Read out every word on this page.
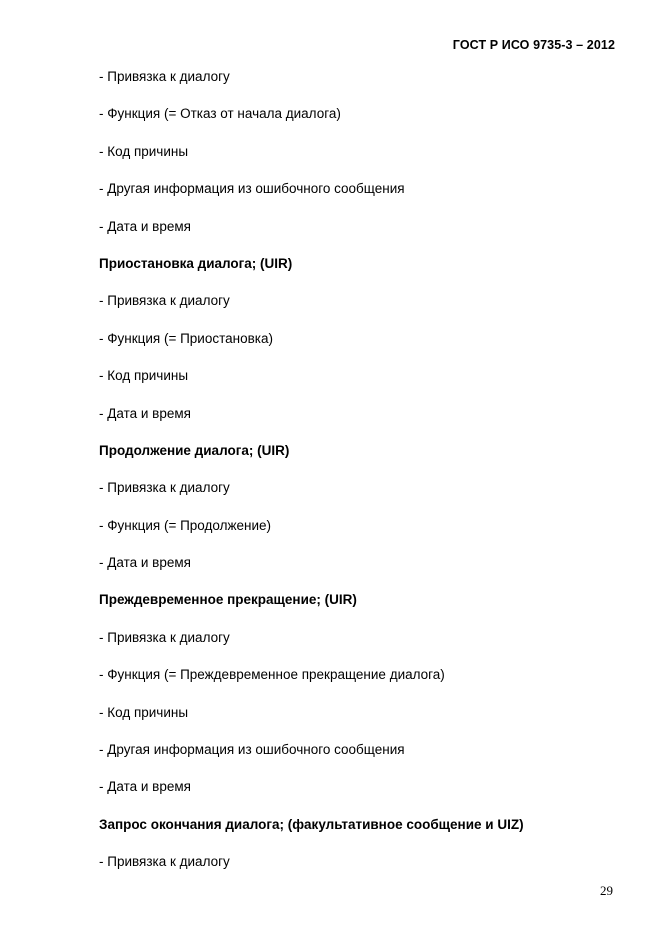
ГОСТ Р ИСО 9735-3 – 2012
- Привязка к диалогу
- Функция (= Отказ от начала диалога)
- Код причины
- Другая информация из ошибочного сообщения
- Дата и время
Приостановка диалога; (UIR)
- Привязка к диалогу
- Функция (= Приостановка)
- Код причины
- Дата и время
Продолжение диалога; (UIR)
- Привязка к диалогу
- Функция (= Продолжение)
- Дата и время
Преждевременное прекращение; (UIR)
- Привязка к диалогу
- Функция (= Преждевременное прекращение диалога)
- Код причины
- Другая информация из ошибочного сообщения
- Дата и время
Запрос окончания диалога; (факультативное сообщение и UIZ)
- Привязка к диалогу
29
